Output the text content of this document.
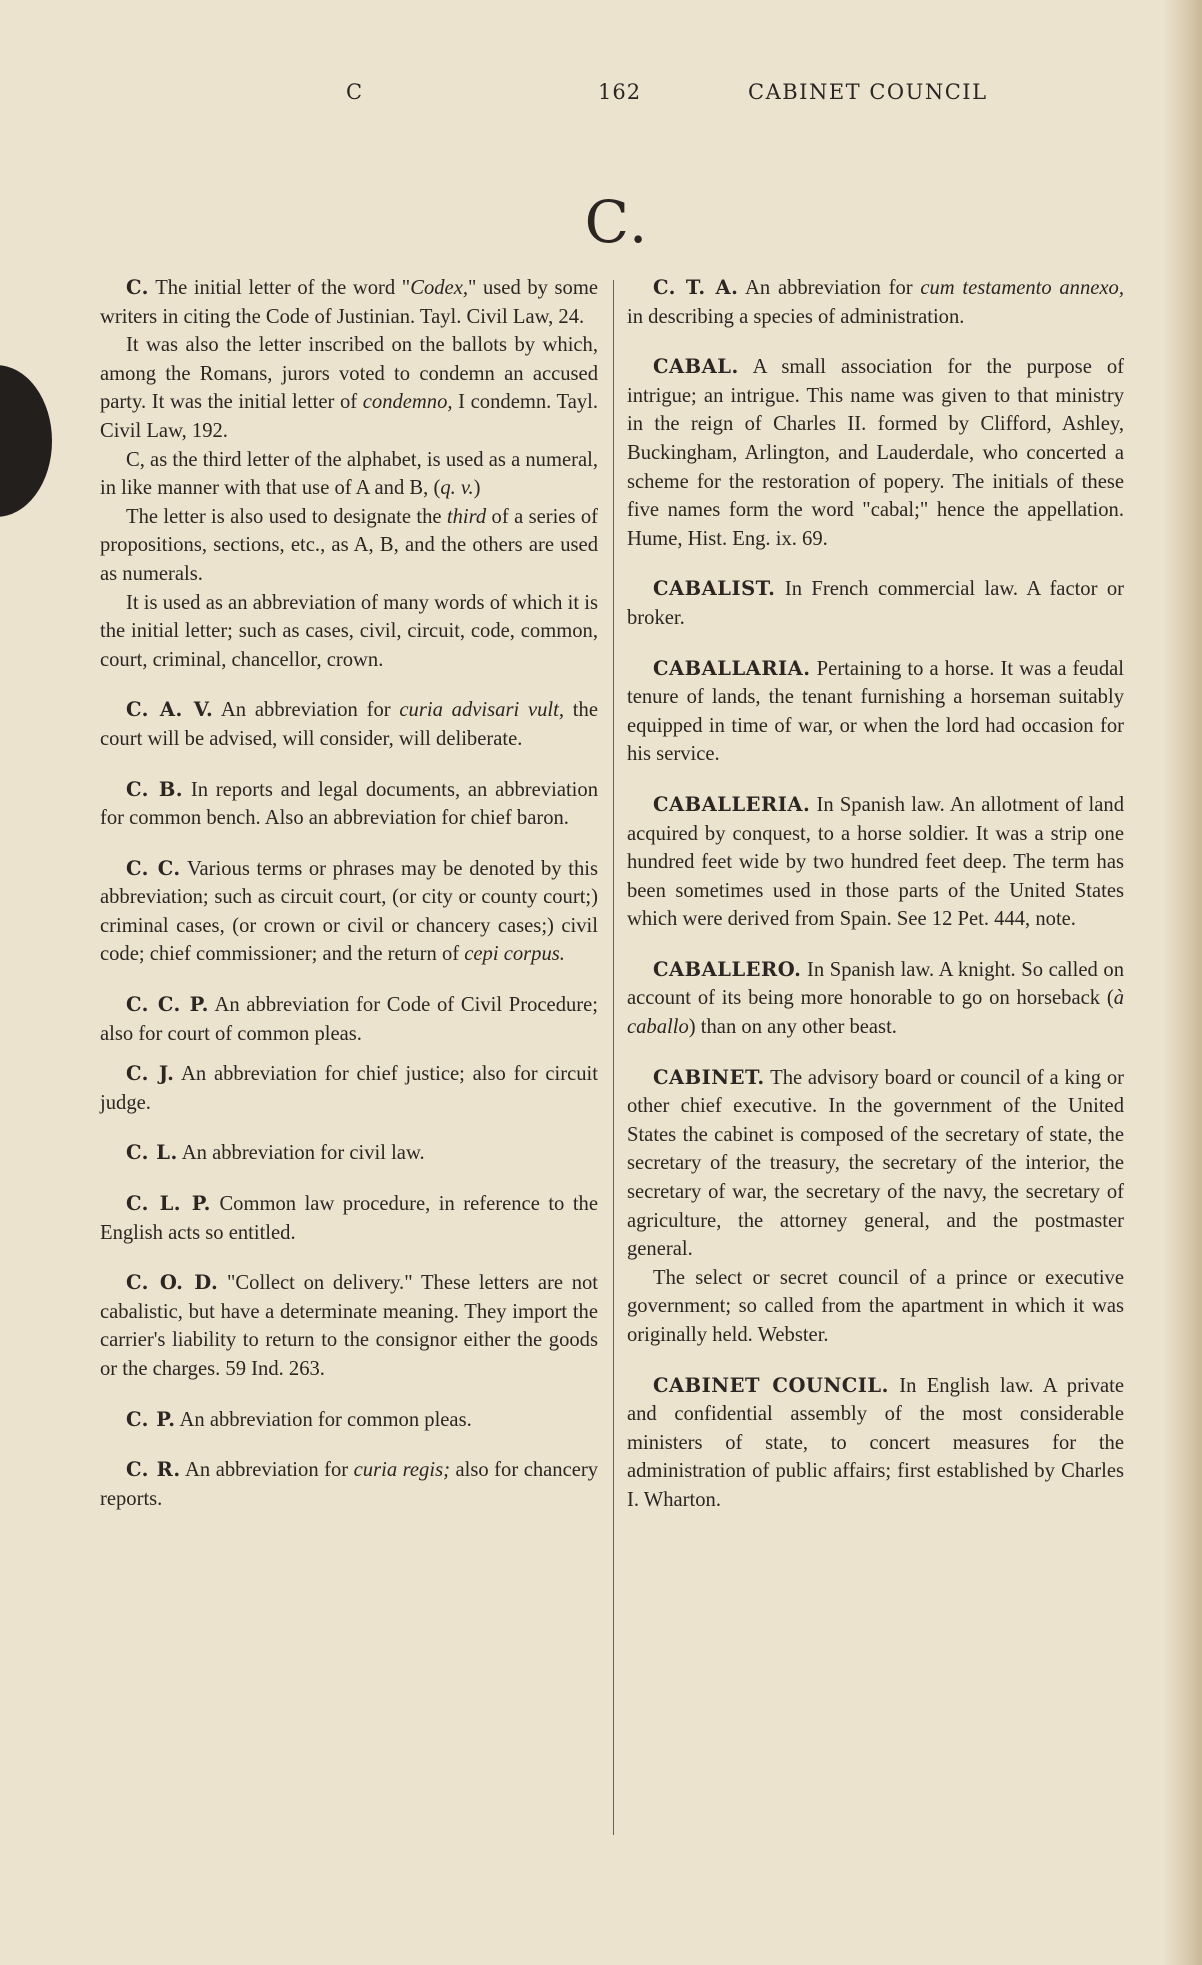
C	162	CABINET COUNCIL
C.

C. The initial letter of the word "Codex," used by some writers in citing the Code of Justinian. Tayl. Civil Law, 24.

It was also the letter inscribed on the ballots by which, among the Romans, jurors voted to condemn an accused party. It was the initial letter of condemno, I condemn. Tayl. Civil Law, 192.

C, as the third letter of the alphabet, is used as a numeral, in like manner with that use of A and B, (q. v.)

The letter is also used to designate the third of a series of propositions, sections, etc., as A, B, and the others are used as numerals.

It is used as an abbreviation of many words of which it is the initial letter; such as cases, civil, circuit, code, common, court, criminal, chancellor, crown.

C. A. V. An abbreviation for curia advisari vult, the court will be advised, will consider, will deliberate.

C. B. In reports and legal documents, an abbreviation for common bench. Also an abbreviation for chief baron.

C. C. Various terms or phrases may be denoted by this abbreviation; such as circuit court, (or city or county court;) criminal cases, (or crown or civil or chancery cases;) civil code; chief commissioner; and the return of cepi corpus.

C. C. P. An abbreviation for Code of Civil Procedure; also for court of common pleas.

C. J. An abbreviation for chief justice; also for circuit judge.

C. L. An abbreviation for civil law.

C. L. P. Common law procedure, in reference to the English acts so entitled.

C. O. D. "Collect on delivery." These letters are not cabalistic, but have a determinate meaning. They import the carrier's liability to return to the consignor either the goods or the charges. 59 Ind. 263.

C. P. An abbreviation for common pleas.

C. R. An abbreviation for curia regis; also for chancery reports.

C. T. A. An abbreviation for cum testamento annexo, in describing a species of administration.

CABAL. A small association for the purpose of intrigue; an intrigue. This name was given to that ministry in the reign of Charles II. formed by Clifford, Ashley, Buckingham, Arlington, and Lauderdale, who concerted a scheme for the restoration of popery. The initials of these five names form the word "cabal;" hence the appellation. Hume, Hist. Eng. ix. 69.

CABALIST. In French commercial law. A factor or broker.

CABALLARIA. Pertaining to a horse. It was a feudal tenure of lands, the tenant furnishing a horseman suitably equipped in time of war, or when the lord had occasion for his service.

CABALLERIA. In Spanish law. An allotment of land acquired by conquest, to a horse soldier. It was a strip one hundred feet wide by two hundred feet deep. The term has been sometimes used in those parts of the United States which were derived from Spain. See 12 Pet. 444, note.

CABALLERO. In Spanish law. A knight. So called on account of its being more honorable to go on horseback (à caballo) than on any other beast.

CABINET. The advisory board or council of a king or other chief executive. In the government of the United States the cabinet is composed of the secretary of state, the secretary of the treasury, the secretary of the interior, the secretary of war, the secretary of the navy, the secretary of agriculture, the attorney general, and the postmaster general.

The select or secret council of a prince or executive government; so called from the apartment in which it was originally held. Webster.

CABINET COUNCIL. In English law. A private and confidential assembly of the most considerable ministers of state, to concert measures for the administration of public affairs; first established by Charles I. Wharton.
